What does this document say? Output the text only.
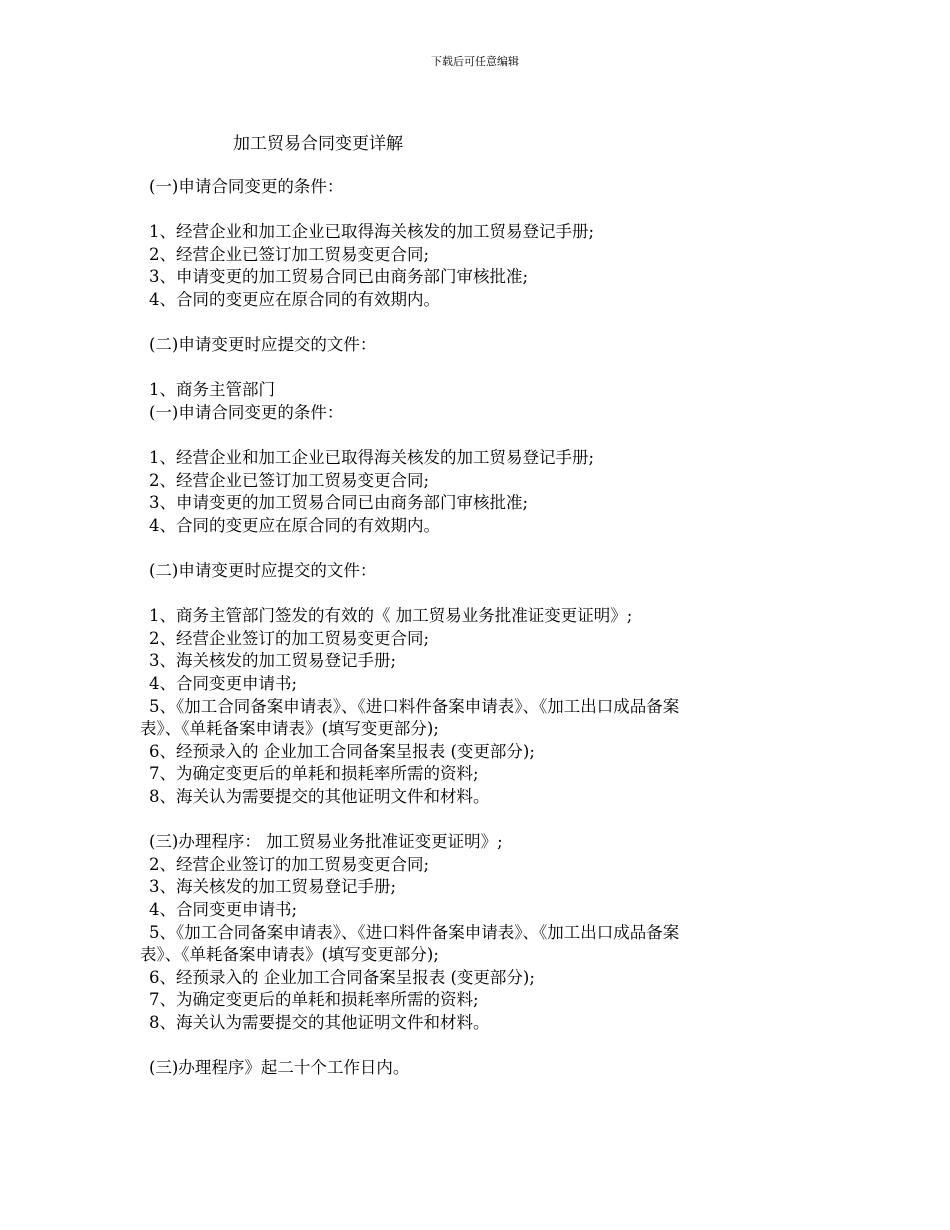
下载后可任意编辑
加工贸易合同变更详解
(一)申请合同变更的条件：
1、经营企业和加工企业已取得海关核发的加工贸易登记手册;
2、经营企业已签订加工贸易变更合同;
3、申请变更的加工贸易合同已由商务部门审核批准;
4、合同的变更应在原合同的有效期内。
(二)申请变更时应提交的文件：
1、商务主管部门
(一)申请合同变更的条件：
1、经营企业和加工企业已取得海关核发的加工贸易登记手册;
2、经营企业已签订加工贸易变更合同;
3、申请变更的加工贸易合同已由商务部门审核批准;
4、合同的变更应在原合同的有效期内。
(二)申请变更时应提交的文件：
1、商务主管部门签发的有效的《 加工贸易业务批准证变更证明》;
2、经营企业签订的加工贸易变更合同;
3、海关核发的加工贸易登记手册;
4、合同变更申请书;
5、《加工合同备案申请表》、《进口料件备案申请表》、《加工出口成品备案
表》、《单耗备案申请表》(填写变更部分);
6、经预录入的 企业加工合同备案呈报表 (变更部分);
7、为确定变更后的单耗和损耗率所需的资料;
8、海关认为需要提交的其他证明文件和材料。
(三)办理程序： 加工贸易业务批准证变更证明》;
2、经营企业签订的加工贸易变更合同;
3、海关核发的加工贸易登记手册;
4、合同变更申请书;
5、《加工合同备案申请表》、《进口料件备案申请表》、《加工出口成品备案
表》、《单耗备案申请表》(填写变更部分);
6、经预录入的 企业加工合同备案呈报表 (变更部分);
7、为确定变更后的单耗和损耗率所需的资料;
8、海关认为需要提交的其他证明文件和材料。
(三)办理程序》起二十个工作日内。
